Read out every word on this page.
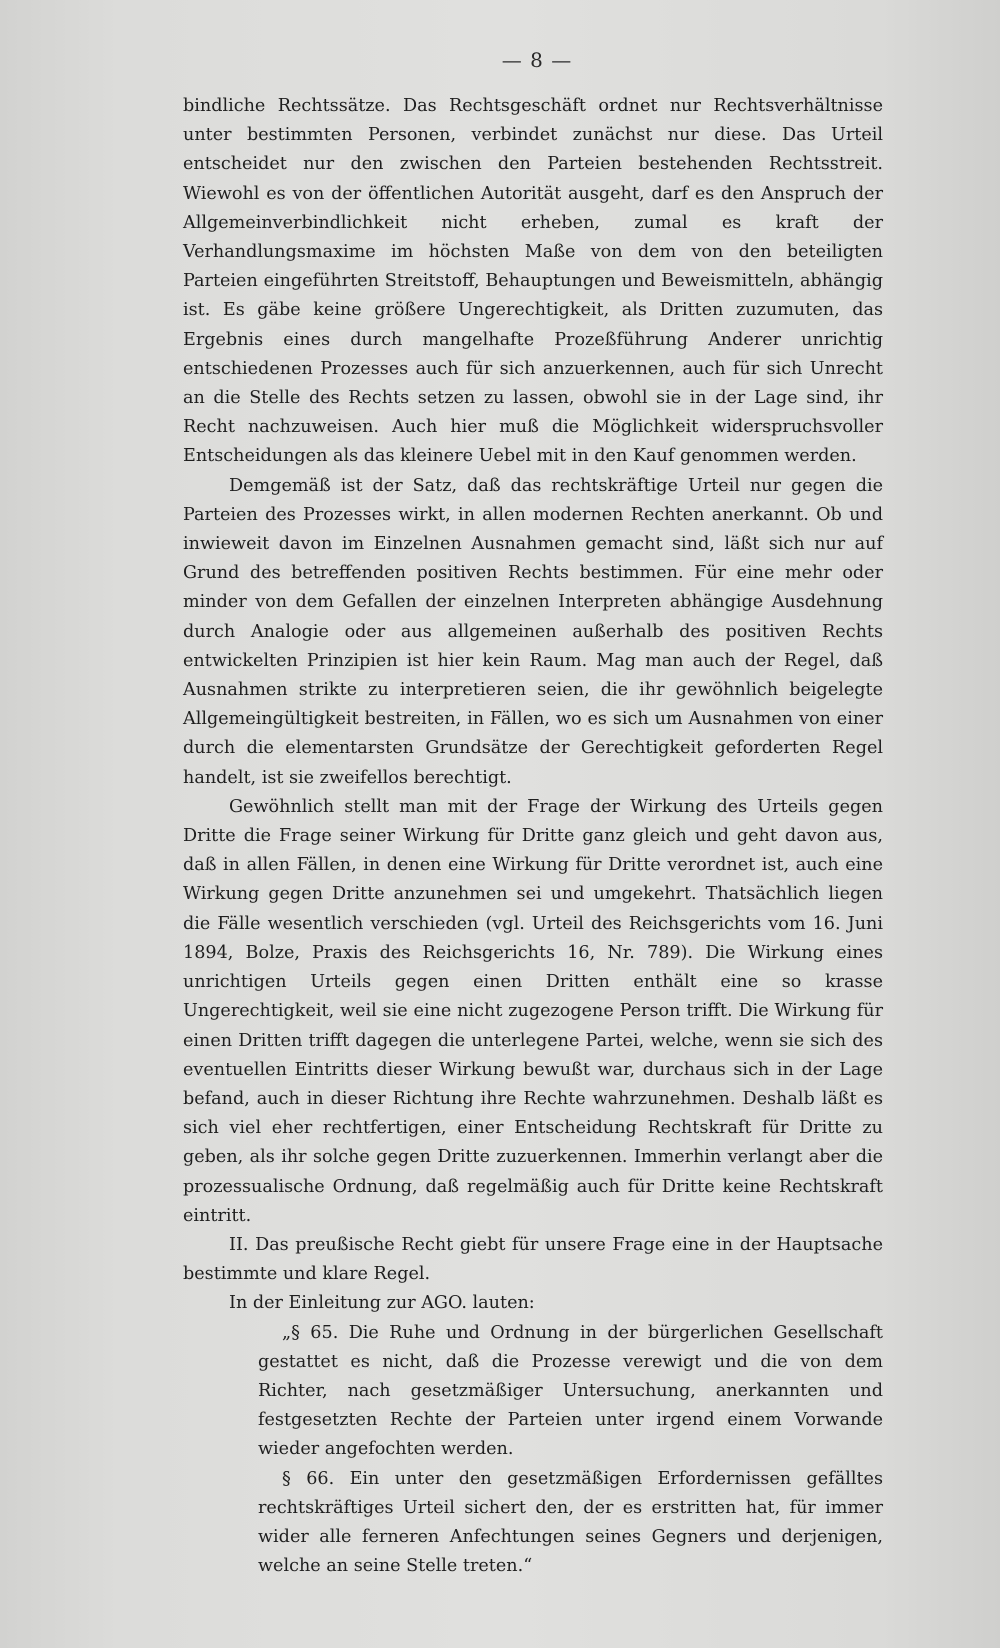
— 8 —

bindliche Rechtssätze. Das Rechtsgeschäft ordnet nur Rechtsverhältnisse unter bestimmten Personen, verbindet zunächst nur diese. Das Urteil entscheidet nur den zwischen den Parteien bestehenden Rechtsstreit. Wiewohl es von der öffentlichen Autorität ausgeht, darf es den Anspruch der Allgemeinverbindlichkeit nicht erheben, zumal es kraft der Verhandlungsmaxime im höchsten Maße von dem von den beteiligten Parteien eingeführten Streitstoff, Behauptungen und Beweismitteln, abhängig ist. Es gäbe keine größere Ungerechtigkeit, als Dritten zuzumuten, das Ergebnis eines durch mangelhafte Prozeßführung Anderer unrichtig entschiedenen Prozesses auch für sich anzuerkennen, auch für sich Unrecht an die Stelle des Rechts setzen zu lassen, obwohl sie in der Lage sind, ihr Recht nachzuweisen. Auch hier muß die Möglichkeit widerspruchsvoller Entscheidungen als das kleinere Uebel mit in den Kauf genommen werden.

Demgemäß ist der Satz, daß das rechtskräftige Urteil nur gegen die Parteien des Prozesses wirkt, in allen modernen Rechten anerkannt. Ob und inwieweit davon im Einzelnen Ausnahmen gemacht sind, läßt sich nur auf Grund des betreffenden positiven Rechts bestimmen. Für eine mehr oder minder von dem Gefallen der einzelnen Interpreten abhängige Ausdehnung durch Analogie oder aus allgemeinen außerhalb des positiven Rechts entwickelten Prinzipien ist hier kein Raum. Mag man auch der Regel, daß Ausnahmen strikte zu interpretieren seien, die ihr gewöhnlich beigelegte Allgemeingültigkeit bestreiten, in Fällen, wo es sich um Ausnahmen von einer durch die elementarsten Grundsätze der Gerechtigkeit geforderten Regel handelt, ist sie zweifellos berechtigt.

Gewöhnlich stellt man mit der Frage der Wirkung des Urteils gegen Dritte die Frage seiner Wirkung für Dritte ganz gleich und geht davon aus, daß in allen Fällen, in denen eine Wirkung für Dritte verordnet ist, auch eine Wirkung gegen Dritte anzunehmen sei und umgekehrt. Thatsächlich liegen die Fälle wesentlich verschieden (vgl. Urteil des Reichsgerichts vom 16. Juni 1894, Bolze, Praxis des Reichsgerichts 16, Nr. 789). Die Wirkung eines unrichtigen Urteils gegen einen Dritten enthält eine so krasse Ungerechtigkeit, weil sie eine nicht zugezogene Person trifft. Die Wirkung für einen Dritten trifft dagegen die unterlegene Partei, welche, wenn sie sich des eventuellen Eintritts dieser Wirkung bewußt war, durchaus sich in der Lage befand, auch in dieser Richtung ihre Rechte wahrzunehmen. Deshalb läßt es sich viel eher rechtfertigen, einer Entscheidung Rechtskraft für Dritte zu geben, als ihr solche gegen Dritte zuzuerkennen. Immerhin verlangt aber die prozessualische Ordnung, daß regelmäßig auch für Dritte keine Rechtskraft eintritt.

II. Das preußische Recht giebt für unsere Frage eine in der Hauptsache bestimmte und klare Regel.

In der Einleitung zur AGO. lauten:

„§ 65. Die Ruhe und Ordnung in der bürgerlichen Gesellschaft gestattet es nicht, daß die Prozesse verewigt und die von dem Richter, nach gesetzmäßiger Untersuchung, anerkannten und festgesetzten Rechte der Parteien unter irgend einem Vorwande wieder angefochten werden.

§ 66. Ein unter den gesetzmäßigen Erfordernissen gefälltes rechtskräftiges Urteil sichert den, der es erstritten hat, für immer wider alle ferneren Anfechtungen seines Gegners und derjenigen, welche an seine Stelle treten.“
